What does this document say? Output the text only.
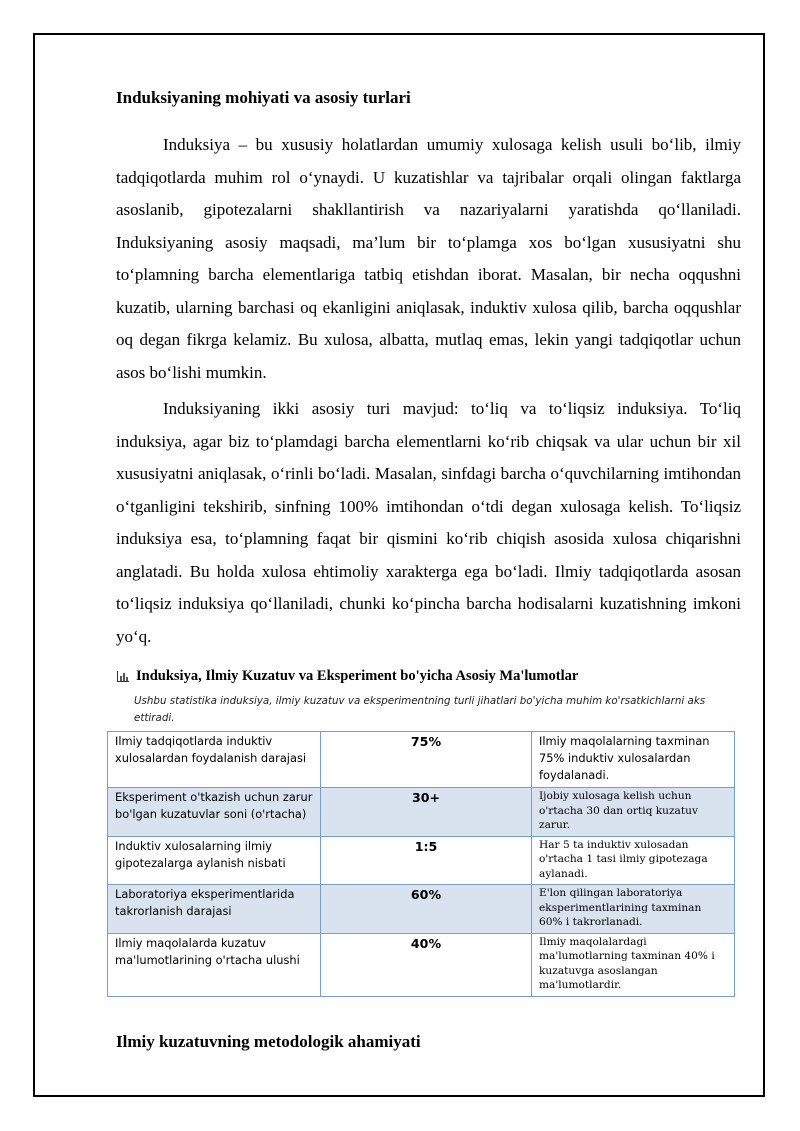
Induksiyaning mohiyati va asosiy turlari

Induksiya – bu xususiy holatlardan umumiy xulosaga kelish usuli bo‘lib, ilmiy tadqiqotlarda muhim rol o‘ynaydi. U kuzatishlar va tajribalar orqali olingan faktlarga asoslanib, gipotezalarni shakllantirish va nazariyalarni yaratishda qo‘llaniladi. Induksiyaning asosiy maqsadi, ma’lum bir to‘plamga xos bo‘lgan xususiyatni shu to‘plamning barcha elementlariga tatbiq etishdan iborat. Masalan, bir necha oqqushni kuzatib, ularning barchasi oq ekanligini aniqlasak, induktiv xulosa qilib, barcha oqqushlar oq degan fikrga kelamiz. Bu xulosa, albatta, mutlaq emas, lekin yangi tadqiqotlar uchun asos bo‘lishi mumkin.

Induksiyaning ikki asosiy turi mavjud: to‘liq va to‘liqsiz induksiya. To‘liq induksiya, agar biz to‘plamdagi barcha elementlarni ko‘rib chiqsak va ular uchun bir xil xususiyatni aniqlasak, o‘rinli bo‘ladi. Masalan, sinfdagi barcha o‘quvchilarning imtihondan o‘tganligini tekshirib, sinfning 100% imtihondan o‘tdi degan xulosaga kelish. To‘liqsiz induksiya esa, to‘plamning faqat bir qismini ko‘rib chiqish asosida xulosa chiqarishni anglatadi. Bu holda xulosa ehtimoliy xarakterga ega bo‘ladi. Ilmiy tadqiqotlarda asosan to‘liqsiz induksiya qo‘llaniladi, chunki ko‘pincha barcha hodisalarni kuzatishning imkoni yo‘q.

Induksiya, Ilmiy Kuzatuv va Eksperiment bo'yicha Asosiy Ma'lumotlar
Ushbu statistika induksiya, ilmiy kuzatuv va eksperimentning turli jihatlari bo'yicha muhim ko'rsatkichlarni aks ettiradi.
Ilmiy tadqiqotlarda induktiv xulosalardan foydalanish darajasi	75%	Ilmiy maqolalarning taxminan 75% induktiv xulosalardan foydalanadi.
Eksperiment o'tkazish uchun zarur bo'lgan kuzatuvlar soni (o'rtacha)	30+	Ijobiy xulosaga kelish uchun o'rtacha 30 dan ortiq kuzatuv zarur.
Induktiv xulosalarning ilmiy gipotezalarga aylanish nisbati	1:5	Har 5 ta induktiv xulosadan o'rtacha 1 tasi ilmiy gipotezaga aylanadi.
Laboratoriya eksperimentlarida takrorlanish darajasi	60%	E'lon qilingan laboratoriya eksperimentlarining taxminan 60% i takrorlanadi.
Ilmiy maqolalarda kuzatuv ma'lumotlarining o'rtacha ulushi	40%	Ilmiy maqolalardagi ma'lumotlarning taxminan 40% i kuzatuvga asoslangan ma'lumotlardir.
Ilmiy kuzatuvning metodologik ahamiyati
